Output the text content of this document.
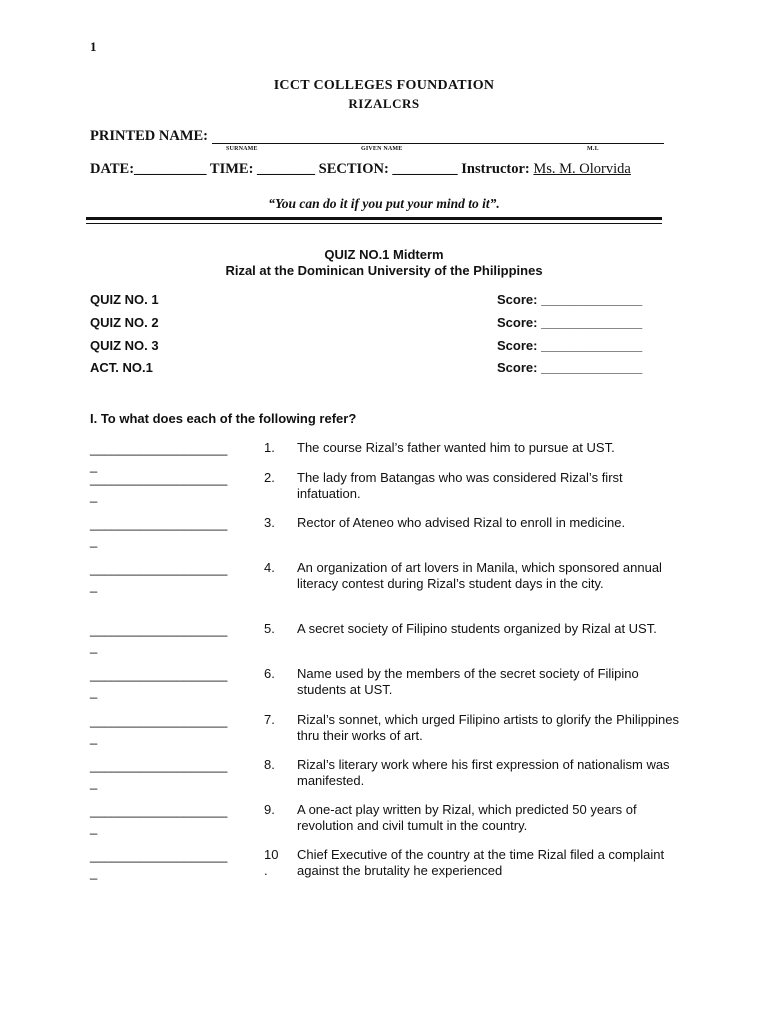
1
ICCT COLLEGES FOUNDATION
RIZALCRS
PRINTED NAME:
SURNAME	GIVEN NAME	M.I.
DATE:__________ TIME: ________ SECTION: _________ Instructor: Ms. M. Olorvida
“You can do it if you put your mind to it”.
QUIZ NO.1 Midterm
Rizal at the Dominican University of the Philippines
QUIZ NO. 1	Score: ______________
QUIZ NO. 2	Score: ______________
QUIZ NO. 3	Score: ______________
ACT. NO.1	Score: ______________
I. To what does each of the following refer?
___________________
_
1.	The course Rizal’s father wanted him to pursue at UST.
___________________
_
2.	The lady from Batangas who was considered Rizal’s first infatuation.
___________________
_
3.	Rector of Ateneo who advised Rizal to enroll in medicine.
___________________
_
4.	An organization of art lovers in Manila, which sponsored annual literacy contest during Rizal’s student days in the city.
___________________
_
5.	A secret society of Filipino students organized by Rizal at UST.
___________________
_
6.	Name used by the members of the secret society of Filipino students at UST.
___________________
_
7.	Rizal’s sonnet, which urged Filipino artists to glorify the Philippines thru their works of art.
___________________
_
8.	Rizal’s literary work where his first expression of nationalism was manifested.
___________________
_
9.	A one-act play written by Rizal, which predicted 50 years of revolution and civil tumult in the country.
___________________
_
10
.
Chief Executive of the country at the time Rizal filed a complaint against the brutality he experienced
